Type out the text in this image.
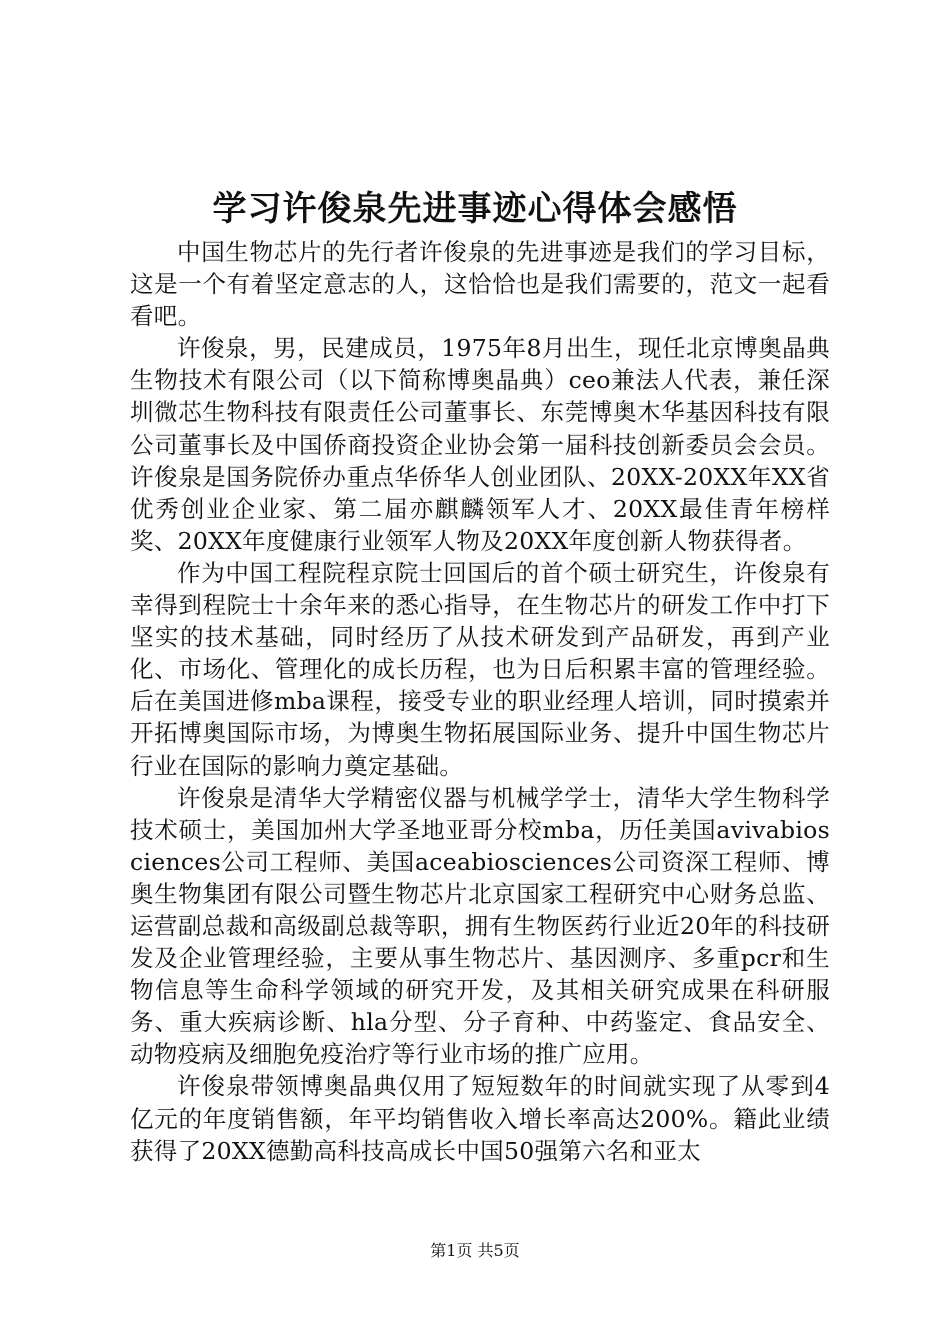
学习许俊泉先进事迹心得体会感悟

中国生物芯片的先行者许俊泉的先进事迹是我们的学习目标，这是一个有着坚定意志的人，这恰恰也是我们需要的，范文一起看看吧。

许俊泉，男，民建成员，1975年8月出生，现任北京博奥晶典生物技术有限公司（以下简称博奥晶典）ceo兼法人代表，兼任深圳微芯生物科技有限责任公司董事长、东莞博奥木华基因科技有限公司董事长及中国侨商投资企业协会第一届科技创新委员会会员。许俊泉是国务院侨办重点华侨华人创业团队、20XX-20XX年XX省优秀创业企业家、第二届亦麒麟领军人才、20XX最佳青年榜样奖、20XX年度健康行业领军人物及20XX年度创新人物获得者。

作为中国工程院程京院士回国后的首个硕士研究生，许俊泉有幸得到程院士十余年来的悉心指导，在生物芯片的研发工作中打下坚实的技术基础，同时经历了从技术研发到产品研发，再到产业化、市场化、管理化的成长历程，也为日后积累丰富的管理经验。后在美国进修mba课程，接受专业的职业经理人培训，同时摸索并开拓博奥国际市场，为博奥生物拓展国际业务、提升中国生物芯片行业在国际的影响力奠定基础。

许俊泉是清华大学精密仪器与机械学学士，清华大学生物科学技术硕士，美国加州大学圣地亚哥分校mba，历任美国avivabiosciences公司工程师、美国aceabiosciences公司资深工程师、博奥生物集团有限公司暨生物芯片北京国家工程研究中心财务总监、运营副总裁和高级副总裁等职，拥有生物医药行业近20年的科技研发及企业管理经验，主要从事生物芯片、基因测序、多重pcr和生物信息等生命科学领域的研究开发，及其相关研究成果在科研服务、重大疾病诊断、hla分型、分子育种、中药鉴定、食品安全、动物疫病及细胞免疫治疗等行业市场的推广应用。

许俊泉带领博奥晶典仅用了短短数年的时间就实现了从零到4亿元的年度销售额，年平均销售收入增长率高达200%。籍此业绩获得了20XX德勤高科技高成长中国50强第六名和亚太

第1页 共5页
